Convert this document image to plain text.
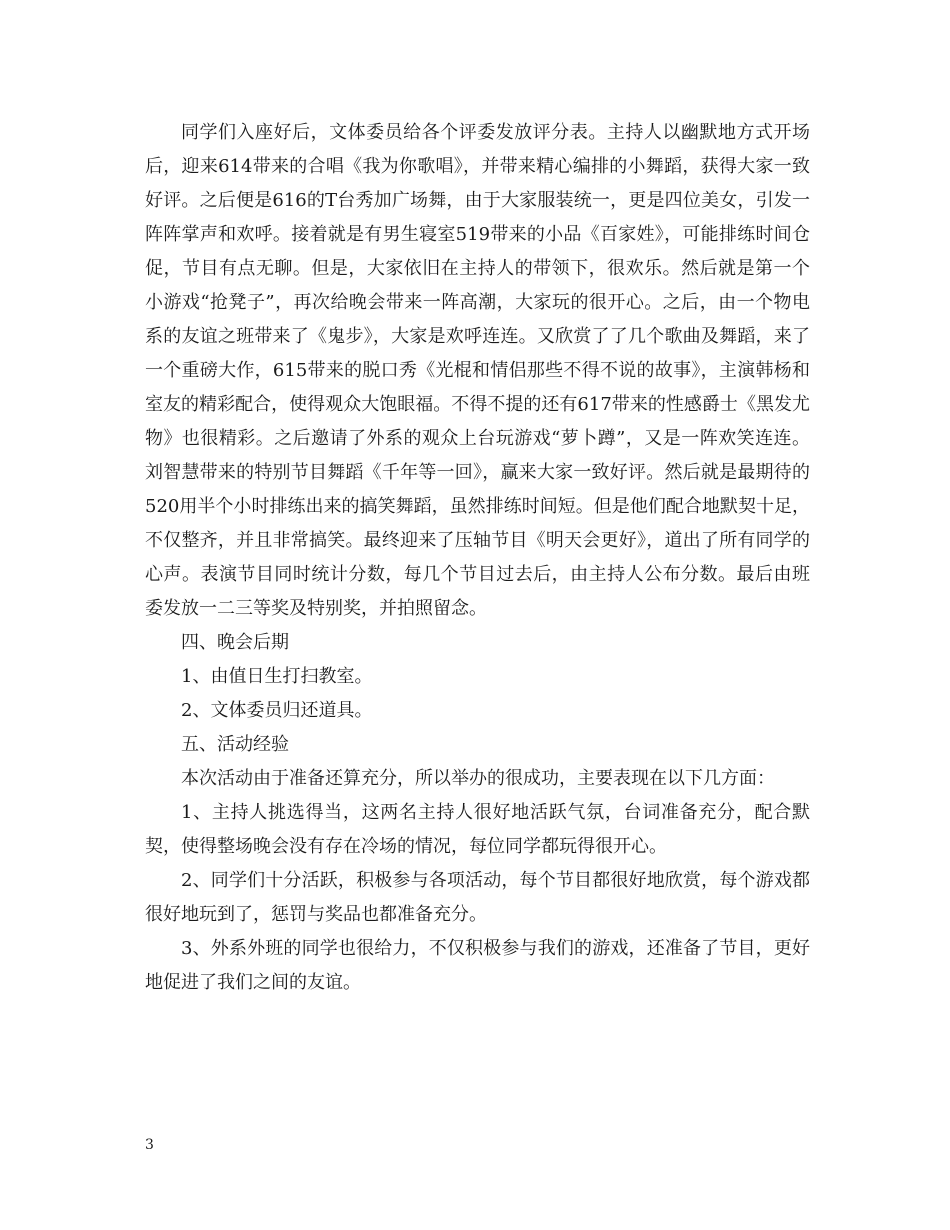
同学们入座好后，文体委员给各个评委发放评分表。主持人以幽默地方式开场后，迎来614带来的合唱《我为你歌唱》，并带来精心编排的小舞蹈，获得大家一致好评。之后便是616的T台秀加广场舞，由于大家服装统一，更是四位美女，引发一阵阵掌声和欢呼。接着就是有男生寝室519带来的小品《百家姓》，可能排练时间仓促，节目有点无聊。但是，大家依旧在主持人的带领下，很欢乐。然后就是第一个小游戏“抢凳子”，再次给晚会带来一阵高潮，大家玩的很开心。之后，由一个物电系的友谊之班带来了《鬼步》，大家是欢呼连连。又欣赏了了几个歌曲及舞蹈，来了一个重磅大作，615带来的脱口秀《光棍和情侣那些不得不说的故事》，主演韩杨和室友的精彩配合，使得观众大饱眼福。不得不提的还有617带来的性感爵士《黑发尤物》也很精彩。之后邀请了外系的观众上台玩游戏“萝卜蹲”，又是一阵欢笑连连。刘智慧带来的特别节目舞蹈《千年等一回》，赢来大家一致好评。然后就是最期待的520用半个小时排练出来的搞笑舞蹈，虽然排练时间短。但是他们配合地默契十足，不仅整齐，并且非常搞笑。最终迎来了压轴节目《明天会更好》，道出了所有同学的心声。表演节目同时统计分数，每几个节目过去后，由主持人公布分数。最后由班委发放一二三等奖及特别奖，并拍照留念。

四、晚会后期

1、由值日生打扫教室。

2、文体委员归还道具。

五、活动经验

本次活动由于准备还算充分，所以举办的很成功，主要表现在以下几方面：

1、主持人挑选得当，这两名主持人很好地活跃气氛，台词准备充分，配合默契，使得整场晚会没有存在冷场的情况，每位同学都玩得很开心。

2、同学们十分活跃，积极参与各项活动，每个节目都很好地欣赏，每个游戏都很好地玩到了，惩罚与奖品也都准备充分。

3、外系外班的同学也很给力，不仅积极参与我们的游戏，还准备了节目，更好地促进了我们之间的友谊。

3
